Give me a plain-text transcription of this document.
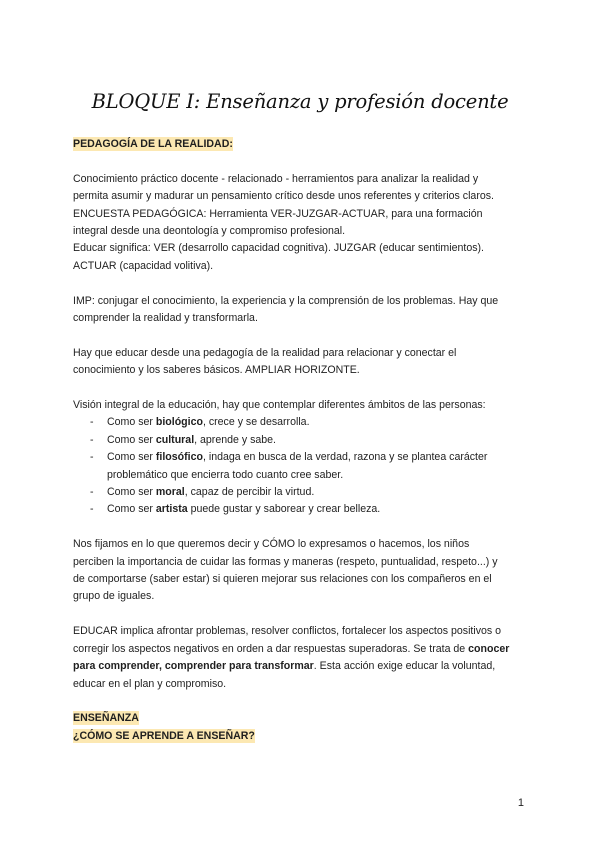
BLOQUE I: Enseñanza y profesión docente

PEDAGOGÍA DE LA REALIDAD:

Conocimiento práctico docente - relacionado - herramientos para analizar la realidad y
permita asumir y madurar un pensamiento crítico desde unos referentes y criterios claros.
ENCUESTA PEDAGÓGICA: Herramienta VER-JUZGAR-ACTUAR, para una formación
integral desde una deontología y compromiso profesional.
Educar significa: VER (desarrollo capacidad cognitiva). JUZGAR (educar sentimientos).
ACTUAR (capacidad volitiva).

IMP: conjugar el conocimiento, la experiencia y la comprensión de los problemas. Hay que
comprender la realidad y transformarla.

Hay que educar desde una pedagogía de la realidad para relacionar y conectar el
conocimiento y los saberes básicos. AMPLIAR HORIZONTE.

Visión integral de la educación, hay que contemplar diferentes ámbitos de las personas:

- Como ser biológico, crece y se desarrolla.
- Como ser cultural, aprende y sabe.
- Como ser filosófico, indaga en busca de la verdad, razona y se plantea carácter
problemático que encierra todo cuanto cree saber.
- Como ser moral, capaz de percibir la virtud.
- Como ser artista puede gustar y saborear y crear belleza.

Nos fijamos en lo que queremos decir y CÓMO lo expresamos o hacemos, los niños
perciben la importancia de cuidar las formas y maneras (respeto, puntualidad, respeto...) y
de comportarse (saber estar) si quieren mejorar sus relaciones con los compañeros en el
grupo de iguales.

EDUCAR implica afrontar problemas, resolver conflictos, fortalecer los aspectos positivos o
corregir los aspectos negativos en orden a dar respuestas superadoras. Se trata de conocer
para comprender, comprender para transformar. Esta acción exige educar la voluntad,
educar en el plan y compromiso.

ENSEÑANZA

¿CÓMO SE APRENDE A ENSEÑAR?

1
